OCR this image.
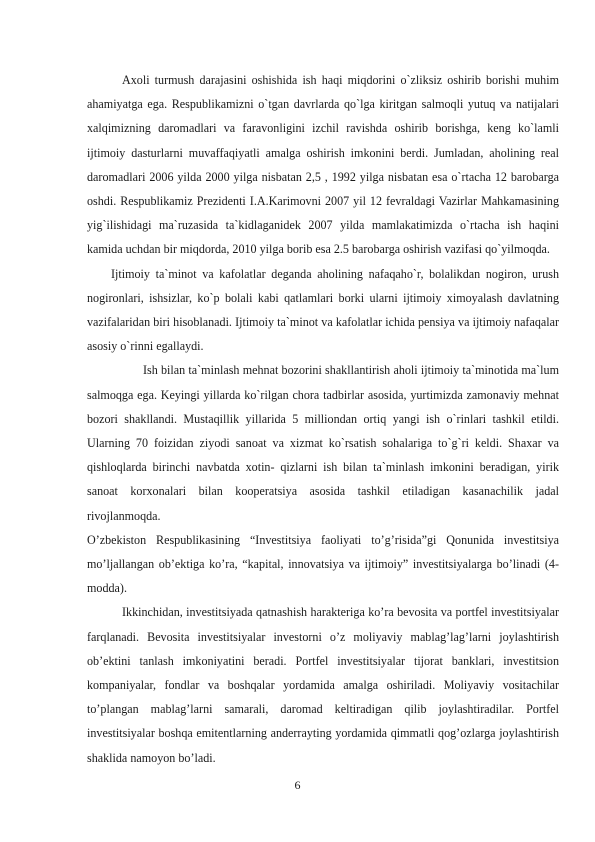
Axoli turmush darajasini oshishida ish haqi miqdorini o`zliksiz oshirib borishi muhim ahamiyatga ega. Respublikamizni o`tgan davrlarda qo`lga kiritgan salmoqli yutuq va natijalari xalqimizning daromadlari va faravonligini izchil ravishda oshirib borishga, keng ko`lamli ijtimoiy dasturlarni muvaffaqiyatli amalga oshirish imkonini berdi. Jumladan, aholining real daromadlari 2006 yilda 2000 yilga nisbatan 2,5 , 1992 yilga nisbatan esa o`rtacha 12 barobarga oshdi. Respublikamiz Prezidenti I.A.Karimovni 2007 yil 12 fevraldagi Vazirlar Mahkamasining yig`ilishidagi ma`ruzasida ta`kidlaganidek 2007 yilda mamlakatimizda o`rtacha ish haqini kamida uchdan bir miqdorda, 2010 yilga borib esa 2.5 barobarga oshirish vazifasi qo`yilmoqda.

Ijtimoiy ta`minot va kafolatlar deganda aholining nafaqaho`r, bolalikdan nogiron, urush nogironlari, ishsizlar, ko`p bolali kabi qatlamlari borki ularni ijtimoiy ximoyalash davlatning vazifalaridan biri hisoblanadi. Ijtimoiy ta`minot va kafolatlar ichida pensiya va ijtimoiy nafaqalar asosiy o`rinni egallaydi.

Ish bilan ta`minlash mehnat bozorini shakllantirish aholi ijtimoiy ta`minotida ma`lum salmoqga ega. Keyingi yillarda ko`rilgan chora tadbirlar asosida, yurtimizda zamonaviy mehnat bozori shakllandi. Mustaqillik yillarida 5 milliondan ortiq yangi ish o`rinlari tashkil etildi. Ularning 70 foizidan ziyodi sanoat va xizmat ko`rsatish sohalariga to`g`ri keldi. Shaxar va qishloqlarda birinchi navbatda xotin- qizlarni ish bilan ta`minlash imkonini beradigan, yirik sanoat korxonalari bilan kooperatsiya asosida tashkil etiladigan kasanachilik jadal rivojlanmoqda.

O’zbekiston Respublikasining “Investitsiya faoliyati to’g’risida”gi Qonunida investitsiya mo’ljallangan ob’ektiga ko’ra, “kapital, innovatsiya va ijtimoiy” investitsiyalarga bo’linadi (4- modda).

Ikkinchidan, investitsiyada qatnashish harakteriga ko’ra bevosita va portfel investitsiyalar farqlanadi. Bevosita investitsiyalar investorni o’z moliyaviy mablag’lag’larni joylashtirish ob’ektini tanlash imkoniyatini beradi. Portfel investitsiyalar tijorat banklari, investitsion kompaniyalar, fondlar va boshqalar yordamida amalga oshiriladi. Moliyaviy vositachilar to’plangan mablag’larni samarali, daromad keltiradigan qilib joylashtiradilar. Portfel investitsiyalar boshqa emitentlarning anderrayting yordamida qimmatli qog’ozlarga joylashtirish shaklida namoyon bo’ladi.

6
